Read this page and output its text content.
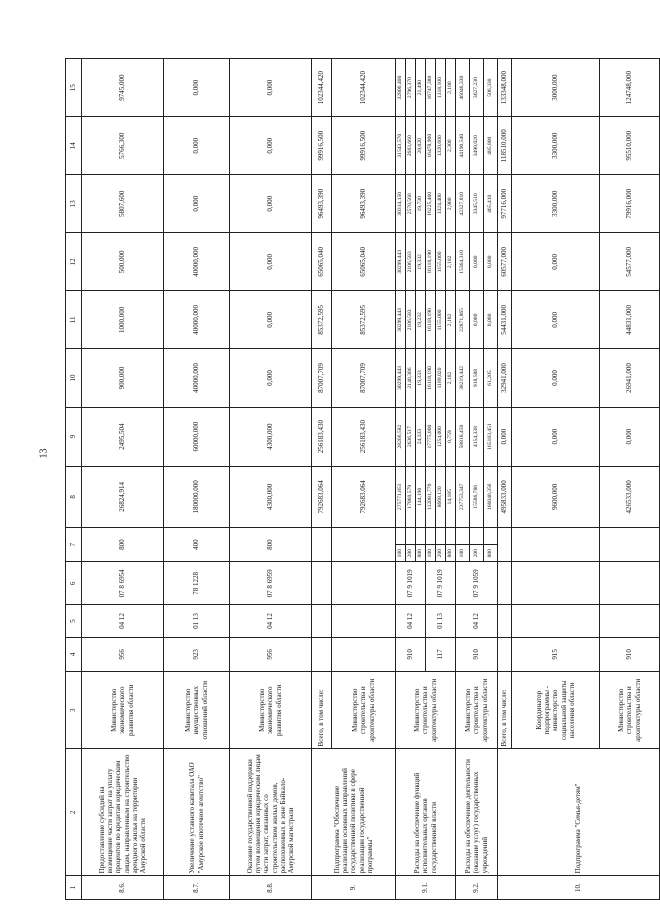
13
1	2	3	4	5	6	7		8	9	10	11	12	13	14	15
8.6.	Предоставление субсидий на возмещение части затрат на уплату процентов по кредитам юридическим лицам, направленным на строительство арендного жилья на территории Амурской области	Министерство экономического развития области	956	04 12	07 8 6954	800		26824,914	2495,504	900,000	1000,000	500,000	5807,600	5766,300	9745,000
8.7.	Увеличение уставного капитала ОАО "Амурское ипотечное агентство"	Министерство имущественных отношений области	923	01 13	78 1228	400		180000,000	60000,000	40000,000	40000,000	40000,000	0,000	0,000	0,000
8.8.	Оказание государственной поддержки путем возмещения юридическим лицам части затрат, связанных со строительством жилых домов, расположенных в зоне Байкало-Амурской магистрали	Министерство экономического развития области	956	04 12	07 8 6959	800		4300,000	4300,000	0,000	0,000	0,000	0,000	0,000	0,000
9.	Подпрограмма "Обеспечение реализации основных направлений государственной политики в сфере реализации государственной программы"	Всего, в том числе:						792683,064	256183,430	87007,709	85372,595	65065,040	96493,390	99916,500	102344,420
		Министерство строительства и архитектуры области						792683,064	256183,430	87007,709	85372,595	65065,040	96493,390	99916,500	102344,420
9.1.	Расходы на обеспечение функций исполнительных органов государственной власти	Министерство строительства и архитектуры области	910	04 12	07 9 1019	100		275771,851	28266,582	30299,443	30299,443	30299,443	30314,150	31543,570	32806,400
						200		17060,579	2636,517	2140,306	2106,583	2106,583	2570,560	2683,660	2796,370
						800		144,190	24,333	19,333	19,232	19,332	19,730	20,020	21,490
			117	01 13	07 9 1019	100		112081,770	17775,000	16118,190	16118,190	16118,190	16225,460	16478,900	16747,380
						200		8668,120	1254,000	1189,020	1155,000	1155,000	1324,400	1320,600	1318,100
						800		14,185	0,759	2,182	2,182	2,182	2,900	2,300	2,100
9.2.	Расходы на обеспечение деятельности (оказание услуг) государственных учреждений	Министерство строительства и архитектуры области	910	04 12	07 9 1059	100		237753,347	58818,450	38219,442	22871,865	15364,310	42327,810	44190,540	46046,330
						200		15586,786	4154,338	918,588	0,000	0,000	3345,510	3490,020	3627,230
						800		166040,356	165183,451	61,205	0,000	0,000	465,410	485,800	506,330
10.	Подпрограмма "Семья-детям"	Всего, в том числе:						495833,000	0,000	32941,000	54431,000	60577,000	97716,000	118510,000	133348,000
		Координатор подпрограммы - министерство социальной защиты населения области	915					9600,000	0,000	0,000	0,000	0,000	3300,000	3300,000	3000,000
		Министерство строительства и архитектуры области	910					426533,000	0,000	26941,000	44831,000	54577,000	79916,000	95510,000	124748,000
